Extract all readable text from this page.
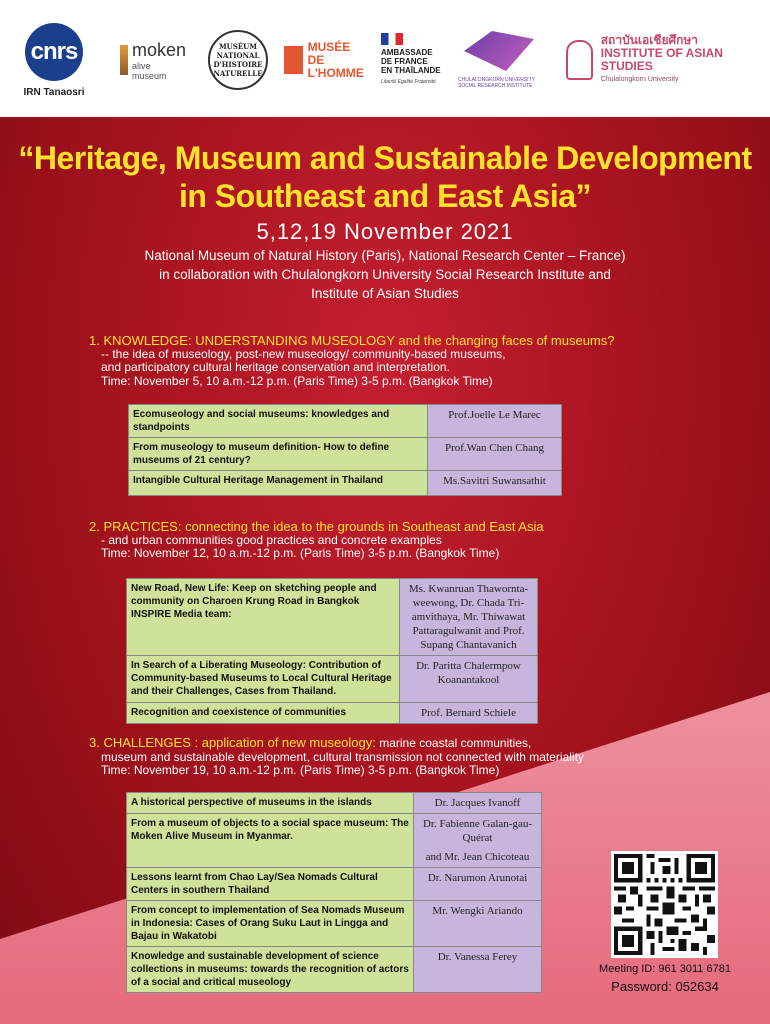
cnrs
IRN Tanaosri
moken
alive
museum
MUSÉUM NATIONAL D'HISTOIRE NATURELLE
MUSÉE DE
L'HOMME
AMBASSADE
DE FRANCE
EN THAÏLANDE
Liberté Égalité Fraternité	CHULALONGKORN UNIVERSITY SOCIAL RESEARCH INSTITUTE
สถาบันเอเชียศึกษา
INSTITUTE OF ASIAN STUDIES
Chulalongkorn University
“Heritage, Museum and Sustainable Development
in Southeast and East Asia”
5,12,19 November 2021
National Museum of Natural History (Paris), National Research Center – France)
in collaboration with Chulalongkorn University Social Research Institute and
Institute of Asian Studies
1. KNOWLEDGE: UNDERSTANDING MUSEOLOGY and the changing faces of museums?
-- the idea of museology, post-new museology/ community-based museums,
and participatory cultural heritage conservation and interpretation.
Time: November 5, 10 a.m.-12 p.m. (Paris Time) 3-5 p.m. (Bangkok Time)
Ecomuseology and social museums: knowledges and standpoints	Prof.Joelle Le Marec
From museology to museum definition- How to define museums of 21 century?	Prof.Wan Chen Chang
Intangible Cultural Heritage Management in Thailand	Ms.Savitri Suwansathit
2. PRACTICES: connecting the idea to the grounds in Southeast and East Asia
- and urban communities good practices and concrete examples
Time: November 12, 10 a.m.-12 p.m. (Paris Time) 3-5 p.m. (Bangkok Time)
New Road, New Life: Keep on sketching people and community on Charoen Krung Road in Bangkok
INSPIRE Media team:	Ms. Kwanruan Thawornta-weewong, Dr. Chada Tri-amvithaya, Mr. Thiwawat Pattaragulwanit and Prof. Supang Chantavanich
In Search of a Liberating Museology: Contribution of Community-based Museums to Local Cultural Heritage and their Challenges, Cases from Thailand.	Dr. Paritta Chalermpow Koanantakool
Recognition and coexistence of communities	Prof. Bernard Schiele
3. CHALLENGES : application of new museology: marine coastal communities,
museum and sustainable development, cultural transmission not connected with materiality
Time: November 19, 10 a.m.-12 p.m. (Paris Time) 3-5 p.m. (Bangkok Time)
A historical perspective of museums in the islands	Dr. Jacques Ivanoff
From a museum of objects to a social space museum: The Moken Alive Museum in Myanmar.	Dr. Fabienne Galan-gau-Quérat
and Mr. Jean Chicoteau

Lessons learnt from Chao Lay/Sea Nomads Cultural Centers in southern Thailand	Dr. Narumon Arunotai
From concept to implementation of Sea Nomads Museum in Indonesia: Cases of Orang Suku Laut in Lingga and Bajau in Wakatobi	Mr. Wengki Ariando
Knowledge and sustainable development of science collections in museums: towards the recognition of actors of a social and critical museology	Dr. Vanessa Ferey
Meeting ID: 961 3011 6781
Password: 052634
